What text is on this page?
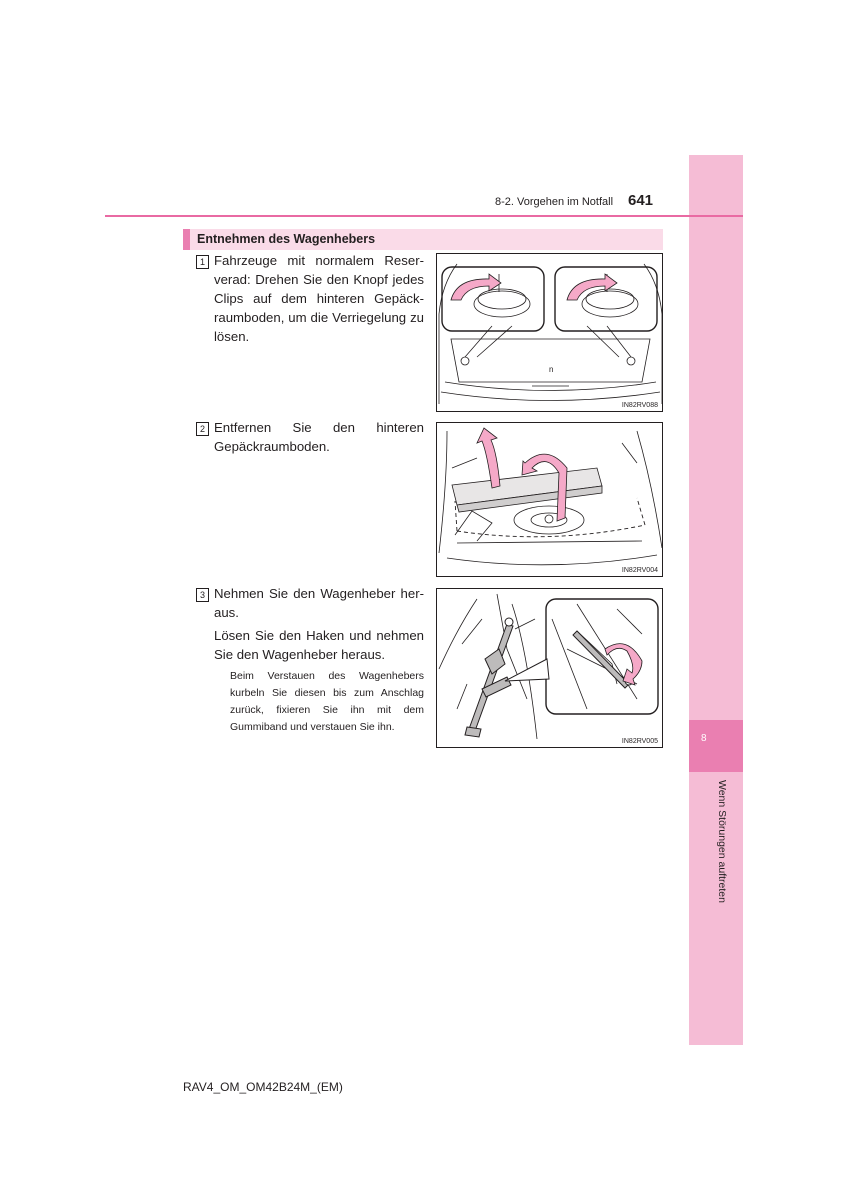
8
Wenn Störungen auftreten
8-2. Vorgehen im Notfall 641
Entnehmen des Wagenhebers
1 Fahrzeuge mit normalem Reserverad: Drehen Sie den Knopf jedes Clips auf dem hinteren Gepäckraumboden, um die Verriegelung zu lösen.
n
IN82RV088
2 Entfernen Sie den hinteren Gepäckraumboden.
IN82RV004
3 Nehmen Sie den Wagenheber heraus.
Lösen Sie den Haken und nehmen Sie den Wagenheber heraus.
Beim Verstauen des Wagenhebers kurbeln Sie diesen bis zum Anschlag zurück, fixieren Sie ihn mit dem Gummiband und verstauen Sie ihn.
IN82RV005
RAV4_OM_OM42B24M_(EM)
